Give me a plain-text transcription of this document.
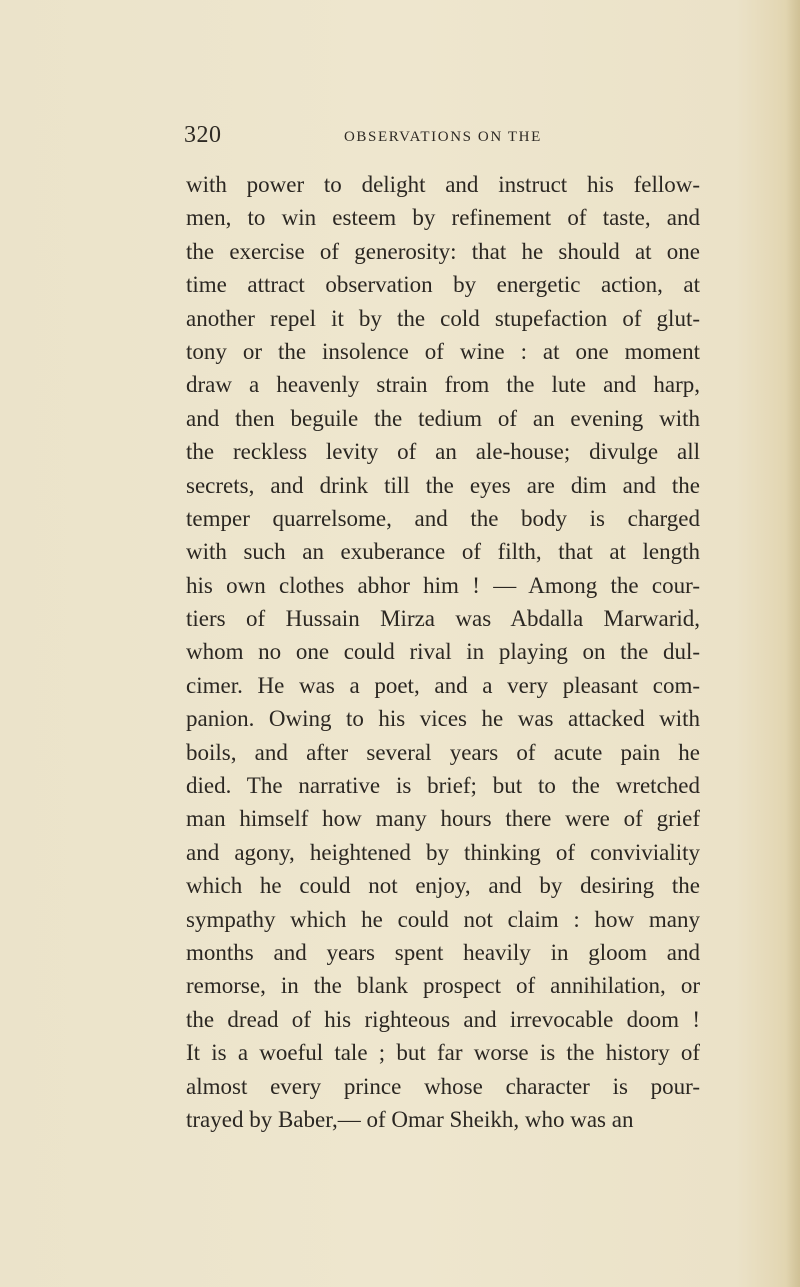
320	OBSERVATIONS ON THE
with power to delight and instruct his fellow-
men, to win esteem by refinement of taste, and
the exercise of generosity: that he should at one
time attract observation by energetic action, at
another repel it by the cold stupefaction of glut-
tony or the insolence of wine : at one moment
draw a heavenly strain from the lute and harp,
and then beguile the tedium of an evening with
the reckless levity of an ale-house; divulge all
secrets, and drink till the eyes are dim and the
temper quarrelsome, and the body is charged
with such an exuberance of filth, that at length
his own clothes abhor him ! — Among the cour-
tiers of Hussain Mirza was Abdalla Marwarid,
whom no one could rival in playing on the dul-
cimer. He was a poet, and a very pleasant com-
panion. Owing to his vices he was attacked with
boils, and after several years of acute pain he
died. The narrative is brief; but to the wretched
man himself how many hours there were of grief
and agony, heightened by thinking of conviviality
which he could not enjoy, and by desiring the
sympathy which he could not claim : how many
months and years spent heavily in gloom and
remorse, in the blank prospect of annihilation, or
the dread of his righteous and irrevocable doom !
It is a woeful tale ; but far worse is the history of
almost every prince whose character is pour-
trayed by Baber,— of Omar Sheikh, who was an
